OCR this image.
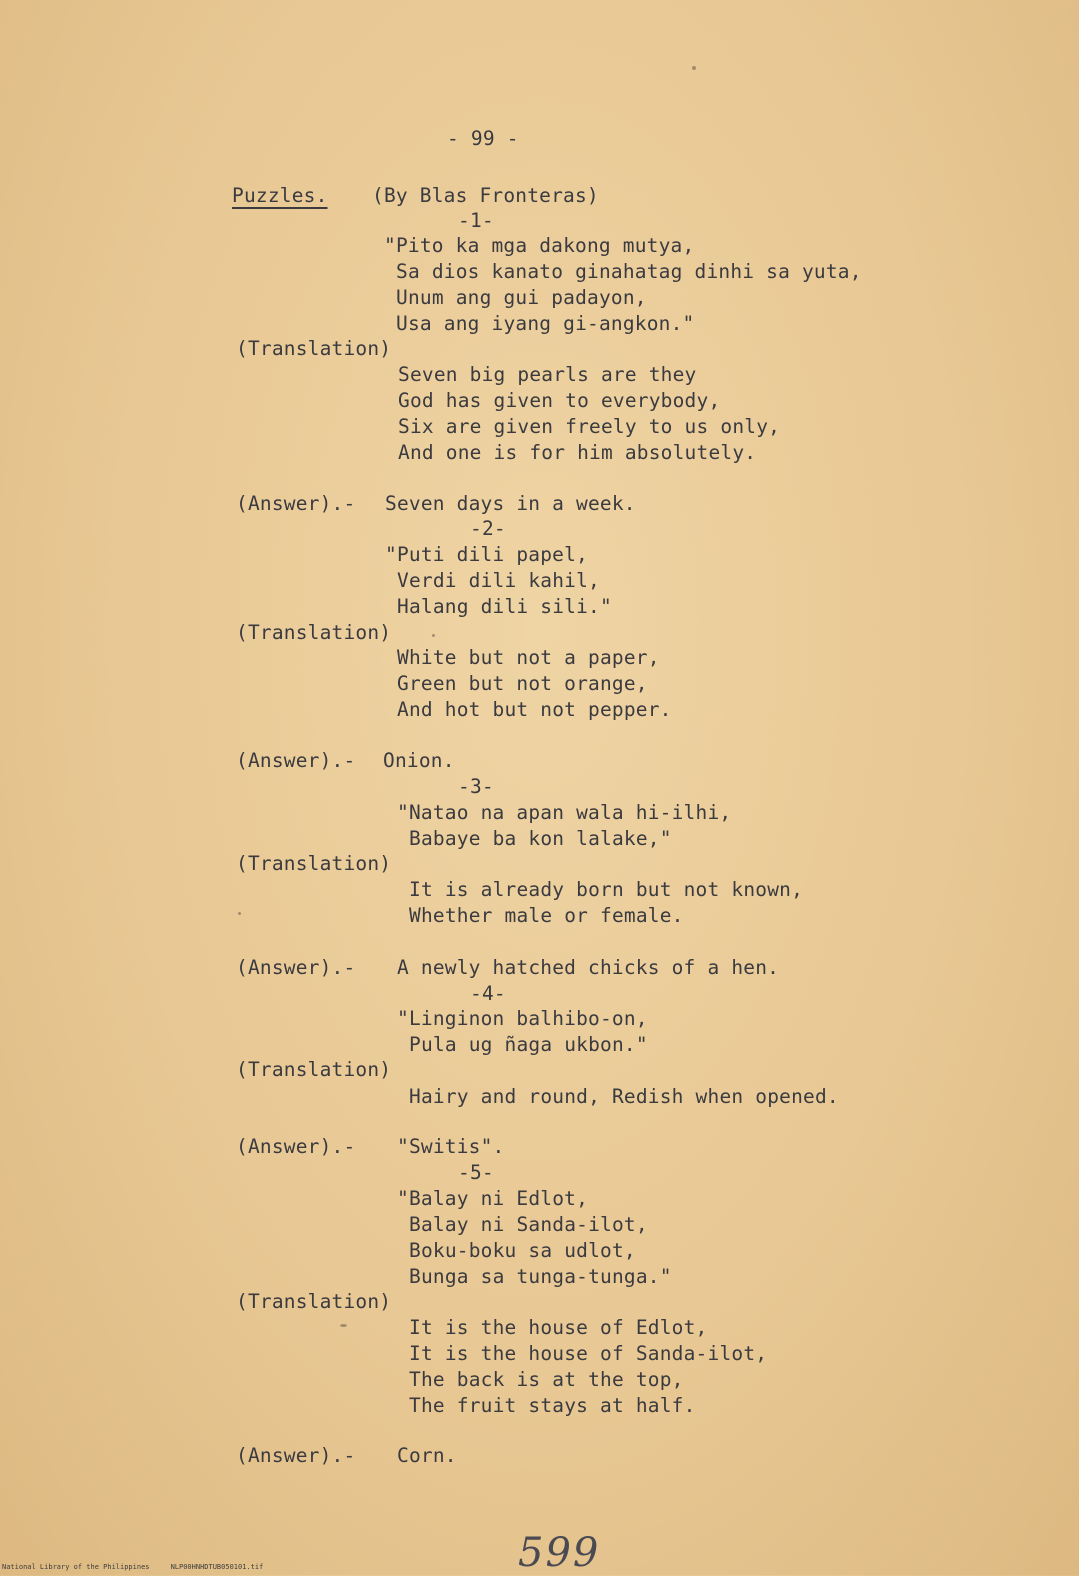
- 99 -
Puzzles. (By Blas Fronteras)
-1-
"Pito ka mga dakong mutya,
Sa dios kanato ginahatag dinhi sa yuta,
Unum ang gui padayon,
Usa ang iyang gi-angkon."
(Translation)
Seven big pearls are they
God has given to everybody,
Six are given freely to us only,
And one is for him absolutely.
(Answer).- Seven days in a week.
-2-
"Puti dili papel,
Verdi dili kahil,
Halang dili sili."
(Translation)
White but not a paper,
Green but not orange,
And hot but not pepper.
(Answer).- Onion.
-3-
"Natao na apan wala hi-ilhi,
Babaye ba kon lalake,"
(Translation)
It is already born but not known,
Whether male or female.
(Answer).- A newly hatched chicks of a hen.
-4-
"Linginon balhibo-on,
Pula ug ñaga ukbon."
(Translation)
Hairy and round, Redish when opened.
(Answer).- "Switis".
-5-
"Balay ni Edlot,
Balay ni Sanda-ilot,
Boku-boku sa udlot,
Bunga sa tunga-tunga."
(Translation)
It is the house of Edlot,
It is the house of Sanda-ilot,
The back is at the top,
The fruit stays at half.
(Answer).- Corn.
599
National Library of the Philippines     NLP00HNHDTUB050101.tif
